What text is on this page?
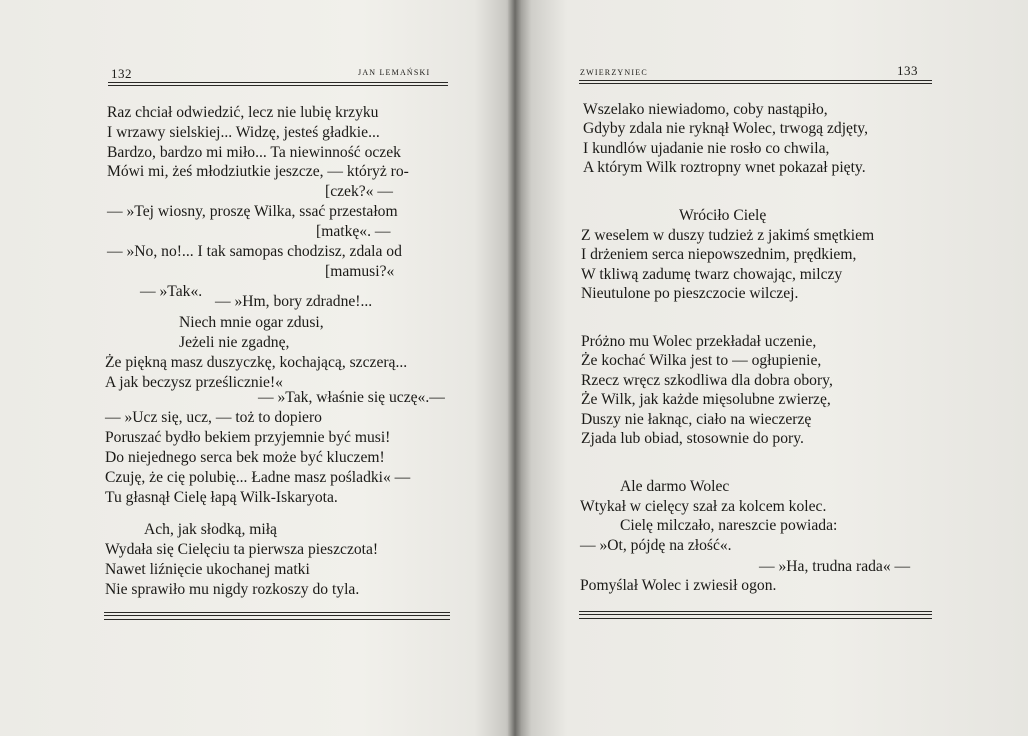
132	JAN LEMAŃSKI
Raz chciał odwiedzić, lecz nie lubię krzyku
I wrzawy sielskiej... Widzę, jesteś gładkie...
Bardzo, bardzo mi miło... Ta niewinność oczek
Mówi mi, żeś młodziutkie jeszcze, — któryż ro-
[czek?« —
— »Tej wiosny, proszę Wilka, ssać przestałom
[matkę«. —
— »No, no!... I tak samopas chodzisz, zdala od
[mamusi?«
— »Tak«.
— »Hm, bory zdradne!...
Niech mnie ogar zdusi,
Jeżeli nie zgadnę,
Że piękną masz duszyczkę, kochającą, szczerą...
A jak beczysz prześlicznie!«
— »Tak, właśnie się uczę«.—
— »Ucz się, ucz, — toż to dopiero
Poruszać bydło bekiem przyjemnie być musi!
Do niejednego serca bek może być kluczem!
Czuję, że cię polubię... Ładne masz pośladki« —
Tu głasnął Cielę łapą Wilk-Iskaryota.
Ach, jak słodką, miłą
Wydała się Cielęciu ta pierwsza pieszczota!
Nawet liźnięcie ukochanej matki
Nie sprawiło mu nigdy rozkoszy do tyla.
ZWIERZYNIEC	133
Wszelako niewiadomo, coby nastąpiło,
Gdyby zdala nie ryknął Wolec, trwogą zdjęty,
I kundlów ujadanie nie rosło co chwila,
A którym Wilk roztropny wnet pokazał pięty.
Wróciło Cielę
Z weselem w duszy tudzież z jakimś smętkiem
I drżeniem serca niepowszednim, prędkiem,
W tkliwą zadumę twarz chowając, milczy
Nieutulone po pieszczocie wilczej.
Próżno mu Wolec przekładał uczenie,
Że kochać Wilka jest to — ogłupienie,
Rzecz wręcz szkodliwa dla dobra obory,
Że Wilk, jak każde mięsolubne zwierzę,
Duszy nie łaknąc, ciało na wieczerzę
Zjada lub obiad, stosownie do pory.
Ale darmo Wolec
Wtykał w cielęcy szał za kolcem kolec.
Cielę milczało, nareszcie powiada:
— »Ot, pójdę na złość«.
— »Ha, trudna rada« —
Pomyślał Wolec i zwiesił ogon.
